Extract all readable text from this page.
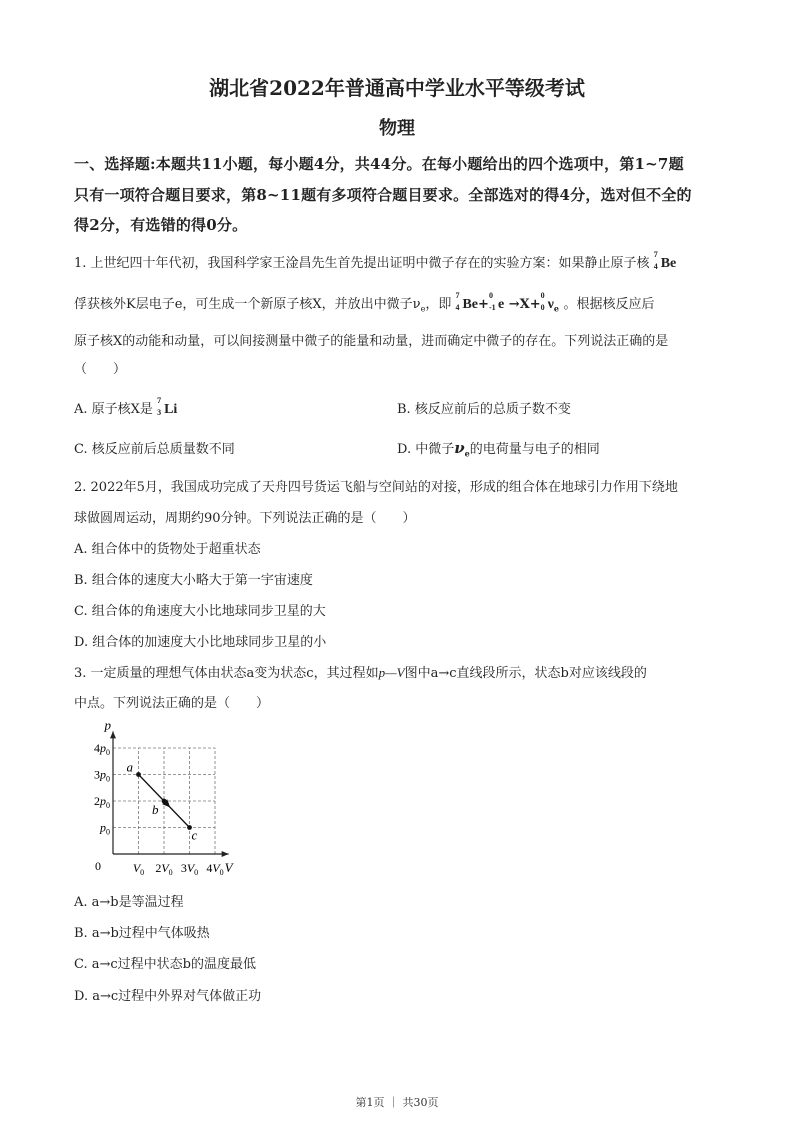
湖北省2022年普通高中学业水平等级考试
物理
一、选择题:本题共11小题，每小题4分，共44分。在每小题给出的四个选项中，第1~7题
只有一项符合题目要求，第8~11题有多项符合题目要求。全部选对的得4分，选对但不全的
得2分，有选错的得0分。
1. 上世纪四十年代初，我国科学家王淦昌先生首先提出证明中微子存在的实验方案：如果静止原子核
7
4 Be
俘获核外K层电子e，可生成一个新原子核X，并放出中微子$\nu_e$，即
7
4 Be+
0
-1 e →X+
0
0 $\nu_e$ 。根据核反应后
原子核X的动能和动量，可以间接测量中微子的能量和动量，进而确定中微子的存在。下列说法正确的是
（　　）
A. 原子核X是
7
3 Li	B. 核反应前后的总质子数不变
C. 核反应前后总质量数不同	D. 中微子$\nu_e$的电荷量与电子的相同
2. 2022年5月，我国成功完成了天舟四号货运飞船与空间站的对接，形成的组合体在地球引力作用下绕地
球做圆周运动，周期约90分钟。下列说法正确的是（　　）
A. 组合体中的货物处于超重状态
B. 组合体的速度大小略大于第一宇宙速度
C. 组合体的角速度大小比地球同步卫星的大
D. 组合体的加速度大小比地球同步卫星的小
3. 一定质量的理想气体由状态a变为状态c，其过程如p—V图中a→c直线段所示，状态b对应该线段的
中点。下列说法正确的是（　　）
V
p
0	$V_0$ $2V_0$ $3V_0$ $4V_0$
$p_0$
$2p_0$
$3p_0$
$4p_0$
a
b
c
A. a→b是等温过程
B. a→b过程中气体吸热
C. a→c过程中状态b的温度最低
D. a→c过程中外界对气体做正功
第1页 ｜ 共30页
